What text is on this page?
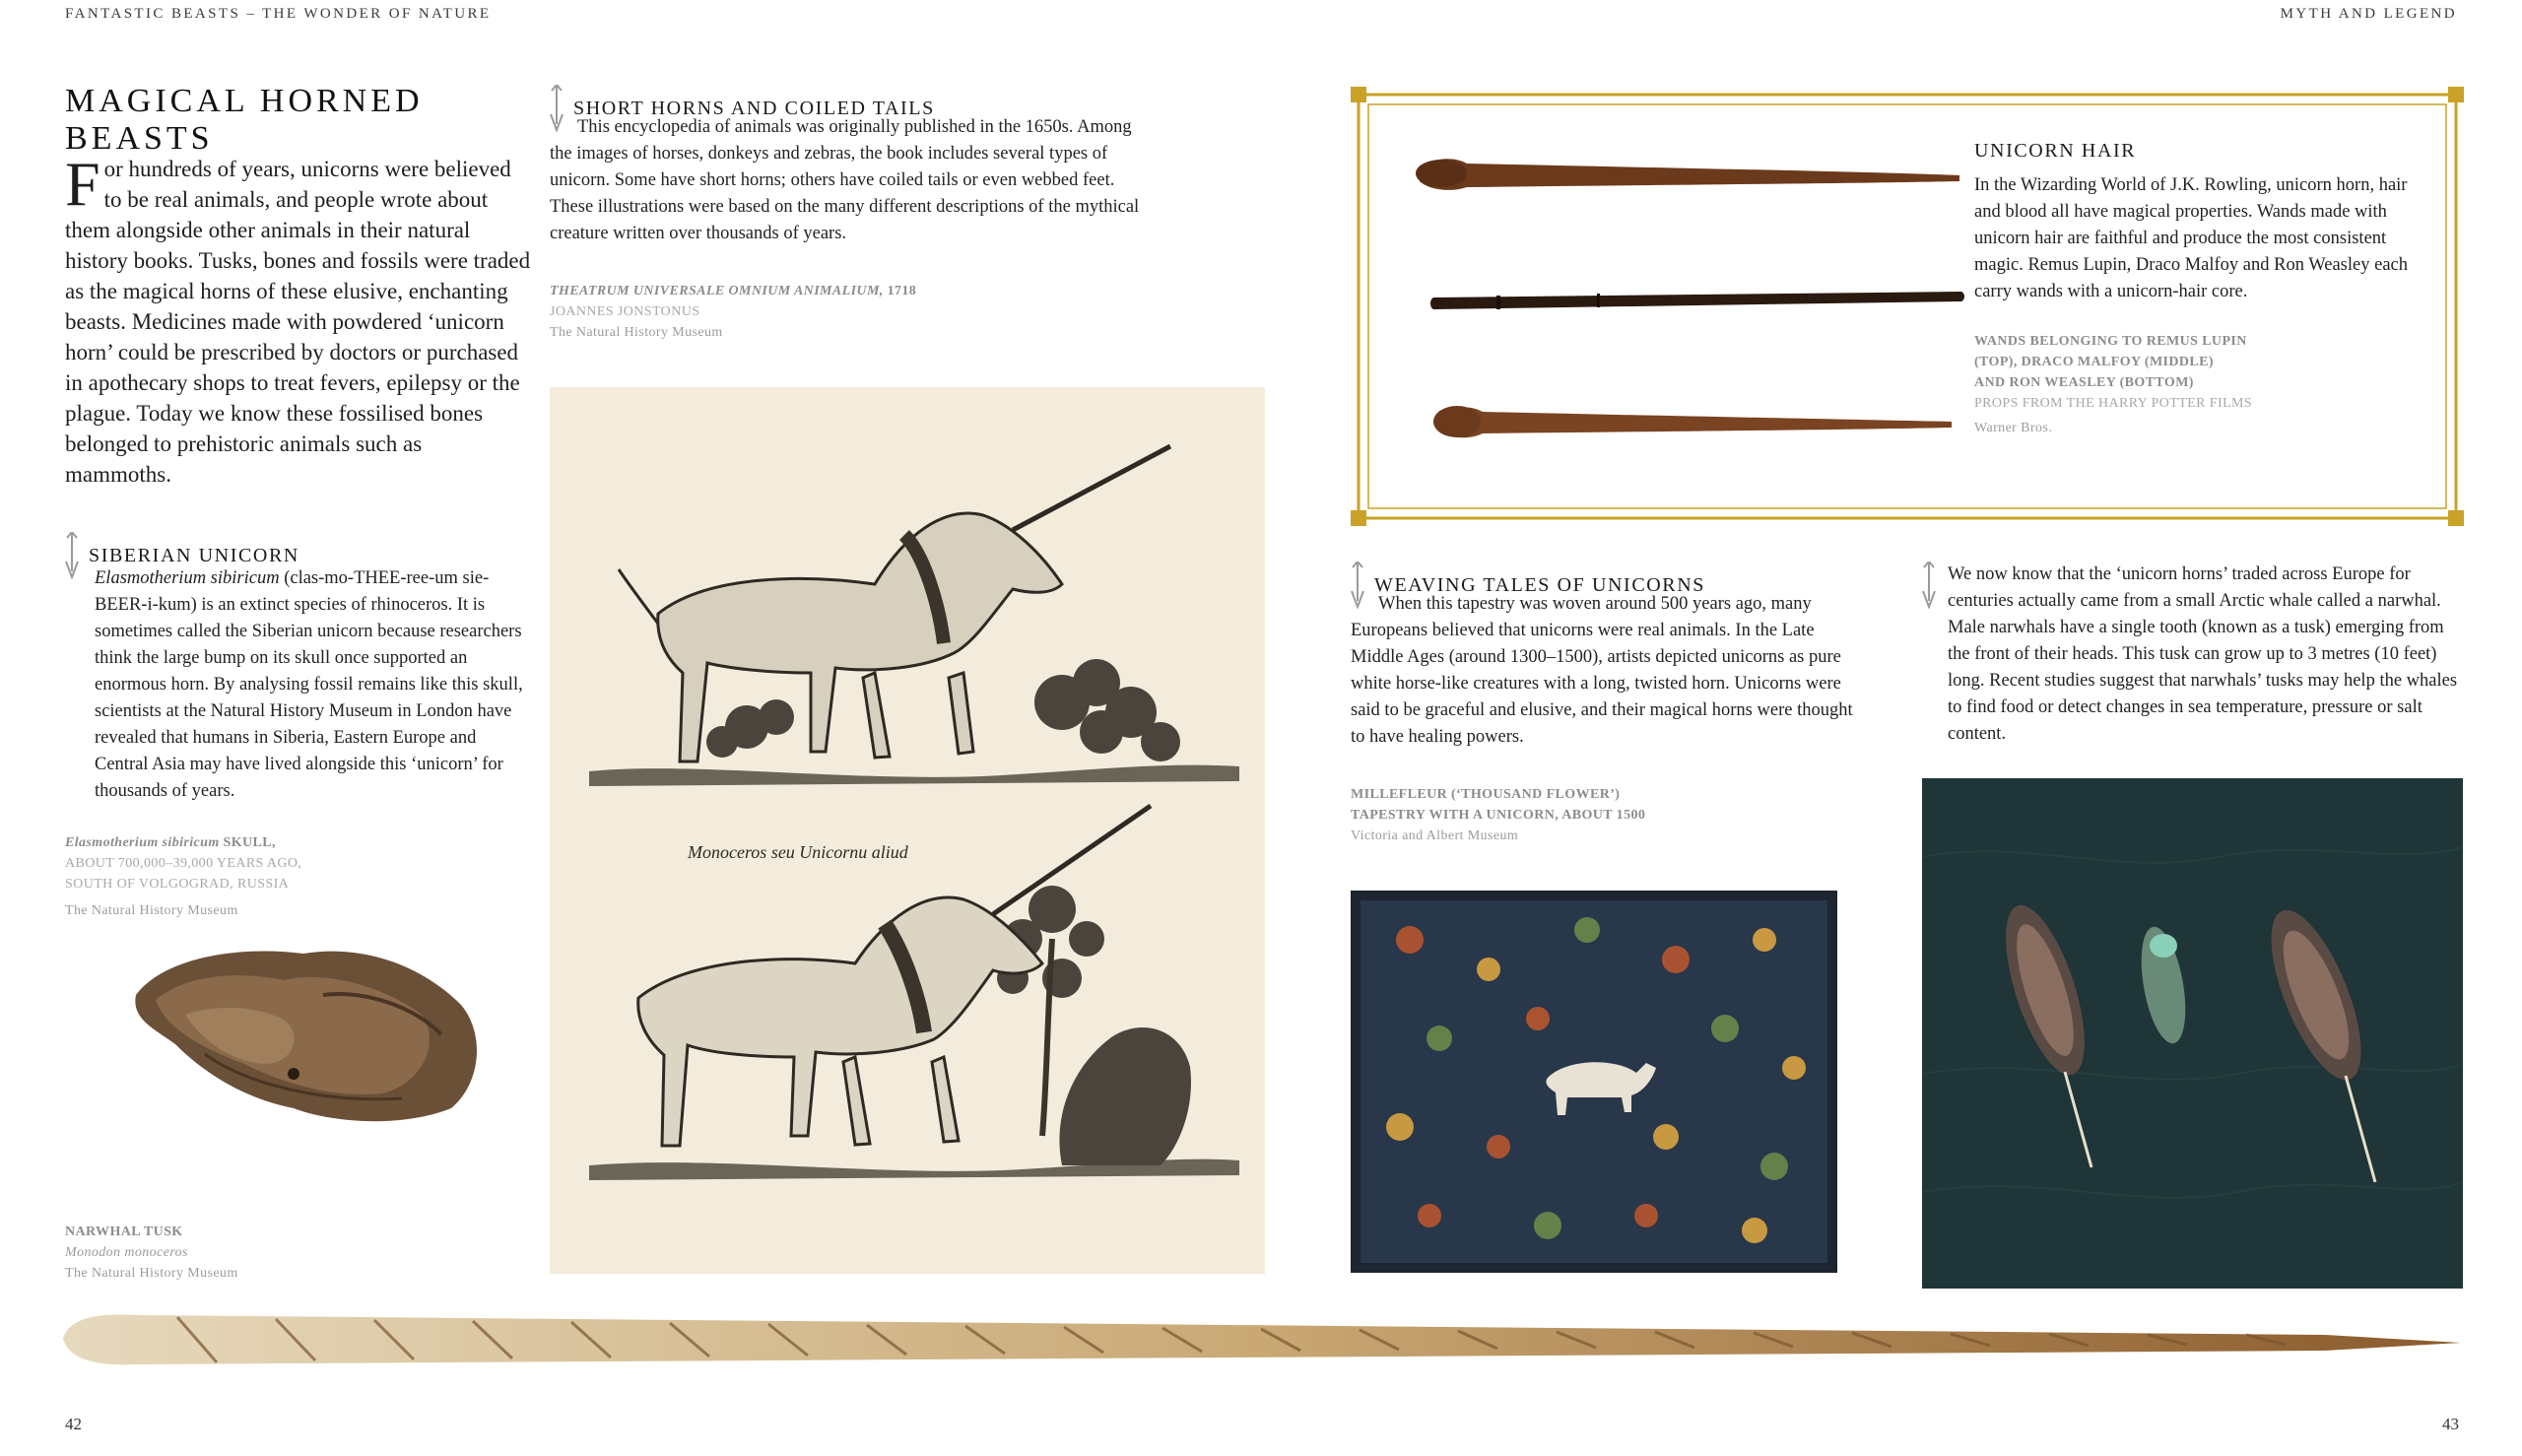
FANTASTIC BEASTS – THE WONDER OF NATURE	MYTH AND LEGEND
MAGICAL HORNED BEASTS

For hundreds of years, unicorns were believed to be real animals, and people wrote about them alongside other animals in their natural history books. Tusks, bones and fossils were traded as the magical horns of these elusive, enchanting beasts. Medicines made with powdered ‘unicorn horn’ could be prescribed by doctors or purchased in apothecary shops to treat fevers, epilepsy or the plague. Today we know these fossilised bones belonged to prehistoric animals such as mammoths.

SIBERIAN UNICORN

Elasmotherium sibiricum (clas-mo-THEE-ree-um sie-BEER-i-kum) is an extinct species of rhinoceros. It is sometimes called the Siberian unicorn because researchers think the large bump on its skull once supported an enormous horn. By analysing fossil remains like this skull, scientists at the Natural History Museum in London have revealed that humans in Siberia, Eastern Europe and Central Asia may have lived alongside this ‘unicorn’ for thousands of years.

Elasmotherium sibiricum SKULL,
ABOUT 700,000–39,000 YEARS AGO,
SOUTH OF VOLGOGRAD, RUSSIA
The Natural History Museum
NARWHAL TUSK
Monodon monoceros
The Natural History Museum
SHORT HORNS AND COILED TAILS

This encyclopedia of animals was originally published in the 1650s. Among the images of horses, donkeys and zebras, the book includes several types of unicorn. Some have short horns; others have coiled tails or even webbed feet. These illustrations were based on the many different descriptions of the mythical creature written over thousands of years.

THEATRUM UNIVERSALE OMNIUM ANIMALIUM, 1718
JOANNES JONSTONUS
The Natural History Museum
Monoceros seu Unicornu aliud
UNICORN HAIR

In the Wizarding World of J.K. Rowling, unicorn horn, hair and blood all have magical properties. Wands made with unicorn hair are faithful and produce the most consistent magic. Remus Lupin, Draco Malfoy and Ron Weasley each carry wands with a unicorn-hair core.

WANDS BELONGING TO REMUS LUPIN
(TOP), DRACO MALFOY (MIDDLE)
AND RON WEASLEY (BOTTOM)
PROPS FROM THE HARRY POTTER FILMS
Warner Bros.
WEAVING TALES OF UNICORNS

When this tapestry was woven around 500 years ago, many Europeans believed that unicorns were real animals. In the Late Middle Ages (around 1300–1500), artists depicted unicorns as pure white horse-like creatures with a long, twisted horn. Unicorns were said to be graceful and elusive, and their magical horns were thought to have healing powers.

MILLEFLEUR (‘THOUSAND FLOWER’)
TAPESTRY WITH A UNICORN, ABOUT 1500
Victoria and Albert Museum

We now know that the ‘unicorn horns’ traded across Europe for centuries actually came from a small Arctic whale called a narwhal. Male narwhals have a single tooth (known as a tusk) emerging from the front of their heads. This tusk can grow up to 3 metres (10 feet) long. Recent studies suggest that narwhals’ tusks may help the whales to find food or detect changes in sea temperature, pressure or salt content.

42	43
